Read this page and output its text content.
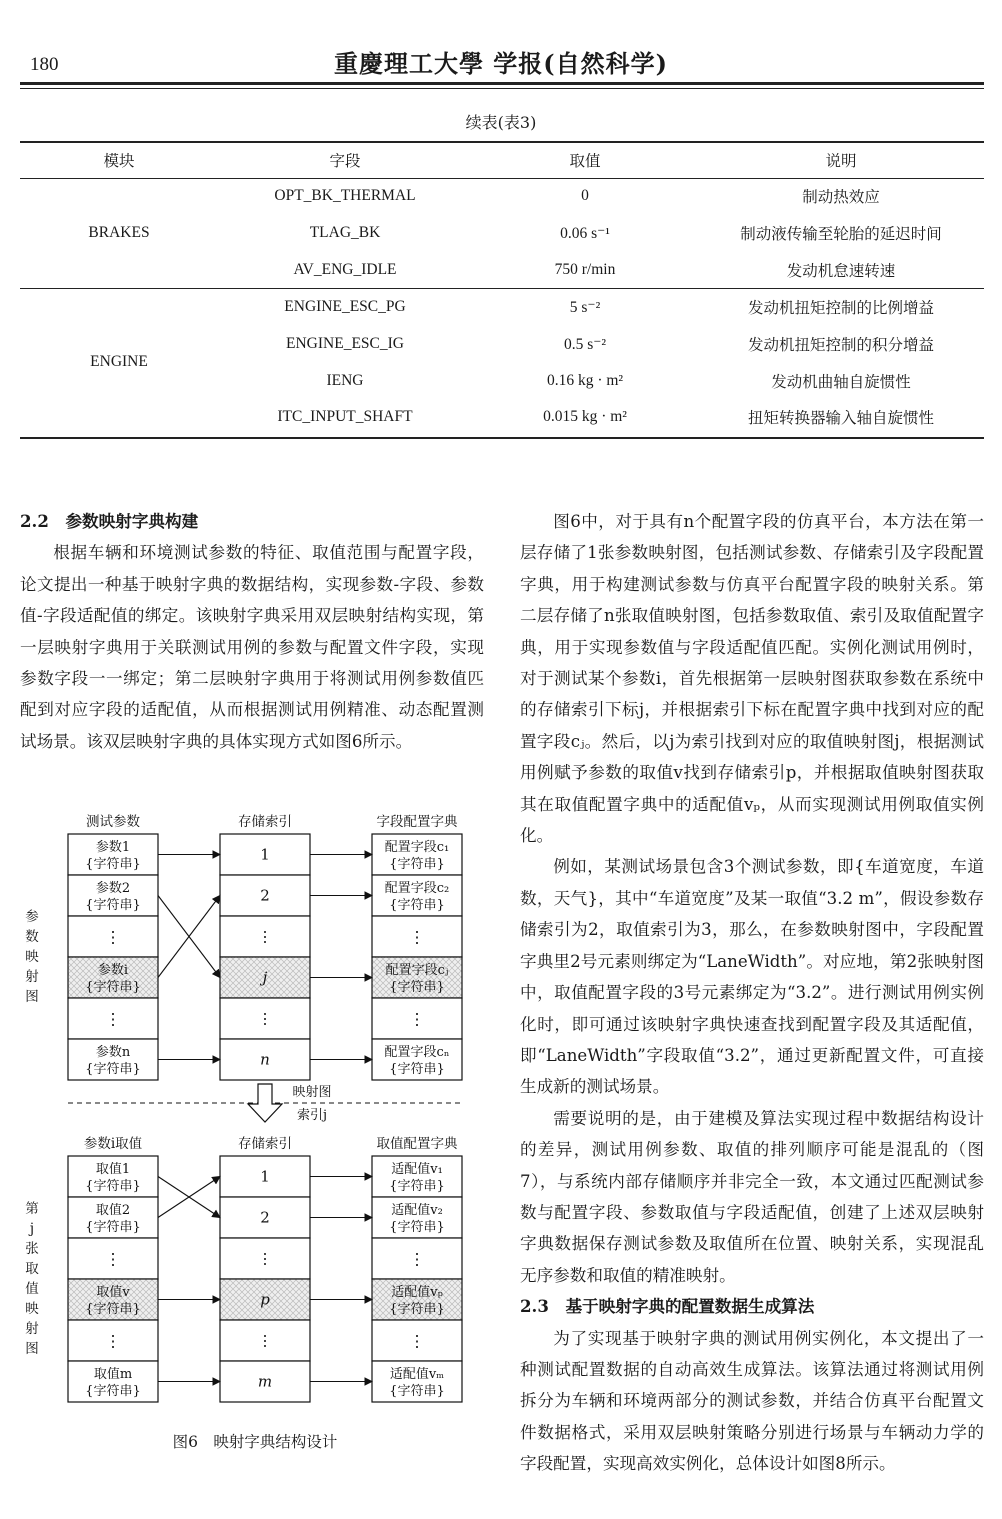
180	重慶理工大學 学报(自然科学)
续表(表3)
模块	字段	取值	说明
BRAKES	OPT_BK_THERMAL	0	制动热效应
	TLAG_BK	0.06 s⁻¹	制动液传输至轮胎的延迟时间
	AV_ENG_IDLE	750 r/min	发动机怠速转速
ENGINE	ENGINE_ESC_PG	5 s⁻²	发动机扭矩控制的比例增益
	ENGINE_ESC_IG	0.5 s⁻²	发动机扭矩控制的积分增益
	IENG	0.16 kg · m²	发动机曲轴自旋惯性
	ITC_INPUT_SHAFT	0.015 kg · m²	扭矩转换器输入轴自旋惯性
2.2　参数映射字典构建

根据车辆和环境测试参数的特征、取值范围与配置字段，论文提出一种基于映射字典的数据结构，实现参数-字段、参数值-字段适配值的绑定。该映射字典采用双层映射结构实现，第一层映射字典用于关联测试用例的参数与配置文件字段，实现参数字段一一绑定；第二层映射字典用于将测试用例参数值匹配到对应字段的适配值，从而根据测试用例精准、动态配置测试场景。该双层映射字典的具体实现方式如图6所示。

测试参数	存储索引	字段配置字典
参
数
映
射
图
参数1
{字符串}
参数2
{字符串}
⋮
参数i
{字符串}
⋮
参数n
{字符串}
1
2
⋮
j
⋮
n
配置字段c₁
{字符串}
配置字段c₂
{字符串}
⋮
配置字段cⱼ
{字符串}
⋮
配置字段cₙ
{字符串}
参数i取值	存储索引	取值配置字典
第
j
张
取
值
映
射
图
取值1
{字符串}
取值2
{字符串}
⋮
取值v
{字符串}
⋮
取值m
{字符串}
1
2
⋮
p
⋮
m
适配值v₁
{字符串}
适配值v₂
{字符串}
⋮
适配值vₚ
{字符串}
⋮
适配值vₘ
{字符串}
映射图
索引j
图6　映射字典结构设计

图6中，对于具有n个配置字段的仿真平台，本方法在第一层存储了1张参数映射图，包括测试参数、存储索引及字段配置字典，用于构建测试参数与仿真平台配置字段的映射关系。第二层存储了n张取值映射图，包括参数取值、索引及取值配置字典，用于实现参数值与字段适配值匹配。实例化测试用例时，对于测试某个参数i，首先根据第一层映射图获取参数在系统中的存储索引下标j，并根据索引下标在配置字典中找到对应的配置字段cⱼ。然后，以j为索引找到对应的取值映射图j，根据测试用例赋予参数的取值v找到存储索引p，并根据取值映射图获取其在取值配置字典中的适配值vₚ，从而实现测试用例取值实例化。

例如，某测试场景包含3个测试参数，即{车道宽度，车道数，天气}，其中“车道宽度”及某一取值“3.2 m”，假设参数存储索引为2，取值索引为3，那么，在参数映射图中，字段配置字典里2号元素则绑定为“LaneWidth”。对应地，第2张映射图中，取值配置字段的3号元素绑定为“3.2”。进行测试用例实例化时，即可通过该映射字典快速查找到配置字段及其适配值，即“LaneWidth”字段取值“3.2”，通过更新配置文件，可直接生成新的测试场景。

需要说明的是，由于建模及算法实现过程中数据结构设计的差异，测试用例参数、取值的排列顺序可能是混乱的（图7），与系统内部存储顺序并非完全一致，本文通过匹配测试参数与配置字段、参数取值与字段适配值，创建了上述双层映射字典数据保存测试参数及取值所在位置、映射关系，实现混乱无序参数和取值的精准映射。

2.3　基于映射字典的配置数据生成算法

为了实现基于映射字典的测试用例实例化，本文提出了一种测试配置数据的自动高效生成算法。该算法通过将测试用例拆分为车辆和环境两部分的测试参数，并结合仿真平台配置文件数据格式，采用双层映射策略分别进行场景与车辆动力学的字段配置，实现高效实例化，总体设计如图8所示。
